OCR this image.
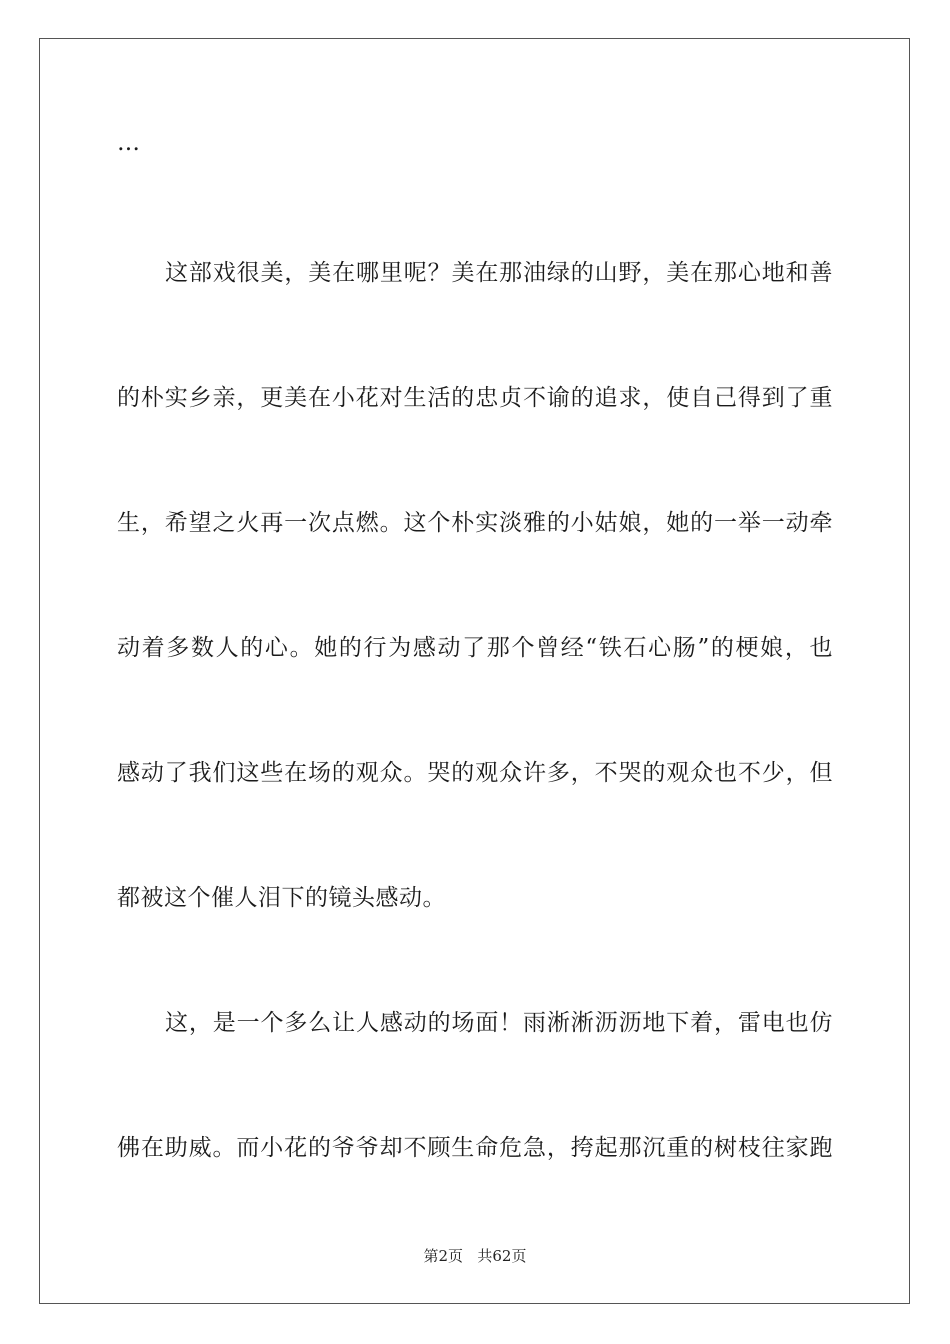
…
这部戏很美，美在哪里呢？美在那油绿的山野，美在那心地和善
的朴实乡亲，更美在小花对生活的忠贞不谕的追求，使自己得到了重
生，希望之火再一次点燃。这个朴实淡雅的小姑娘，她的一举一动牵
动着多数人的心。她的行为感动了那个曾经“铁石心肠”的梗娘，也
感动了我们这些在场的观众。哭的观众许多，不哭的观众也不少，但
都被这个催人泪下的镜头感动。
这，是一个多么让人感动的场面！雨淅淅沥沥地下着，雷电也仿
佛在助威。而小花的爷爷却不顾生命危急，挎起那沉重的树枝往家跑
第2页 共62页
